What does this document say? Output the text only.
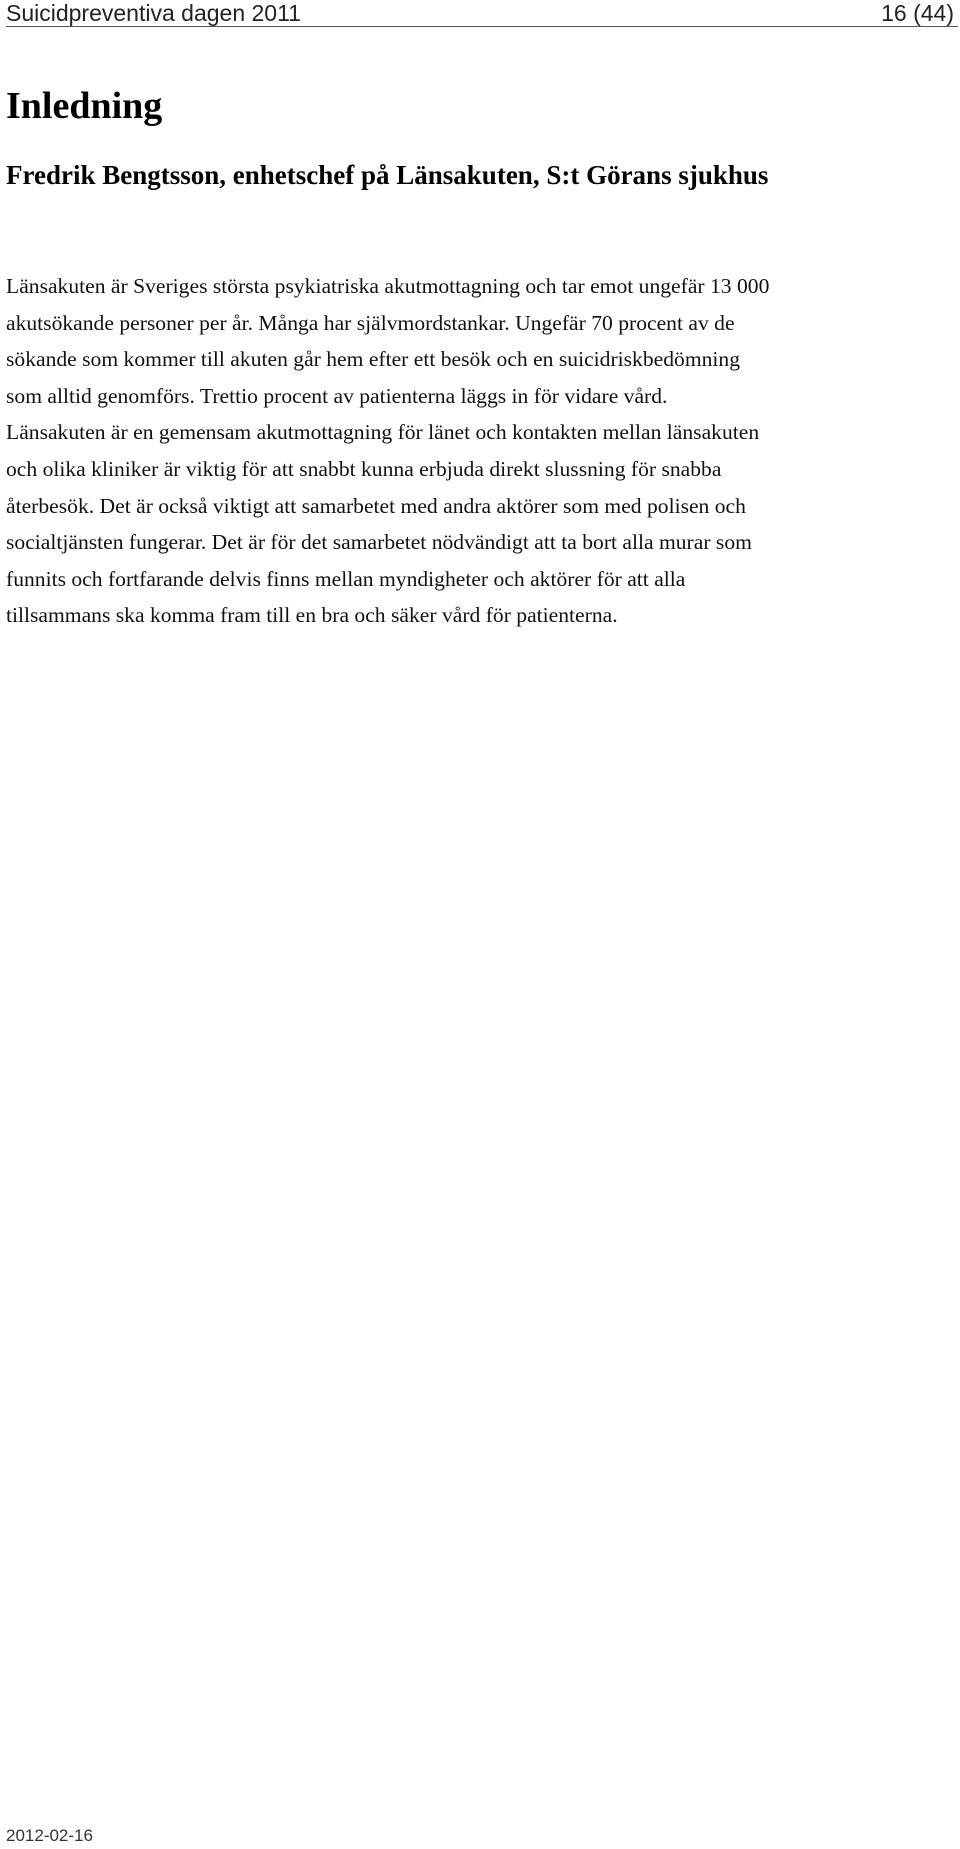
Suicidpreventiva dagen 2011	16 (44)
Inledning
Fredrik Bengtsson, enhetschef på Länsakuten, S:t Görans sjukhus

Länsakuten är Sveriges största psykiatriska akutmottagning och tar emot ungefär 13 000
akutsökande personer per år. Många har självmordstankar. Ungefär 70 procent av de
sökande som kommer till akuten går hem efter ett besök och en suicidriskbedömning
som alltid genomförs. Trettio procent av patienterna läggs in för vidare vård.
Länsakuten är en gemensam akutmottagning för länet och kontakten mellan länsakuten
och olika kliniker är viktig för att snabbt kunna erbjuda direkt slussning för snabba
återbesök. Det är också viktigt att samarbetet med andra aktörer som med polisen och
socialtjänsten fungerar. Det är för det samarbetet nödvändigt att ta bort alla murar som
funnits och fortfarande delvis finns mellan myndigheter och aktörer för att alla
tillsammans ska komma fram till en bra och säker vård för patienterna.

2012-02-16
